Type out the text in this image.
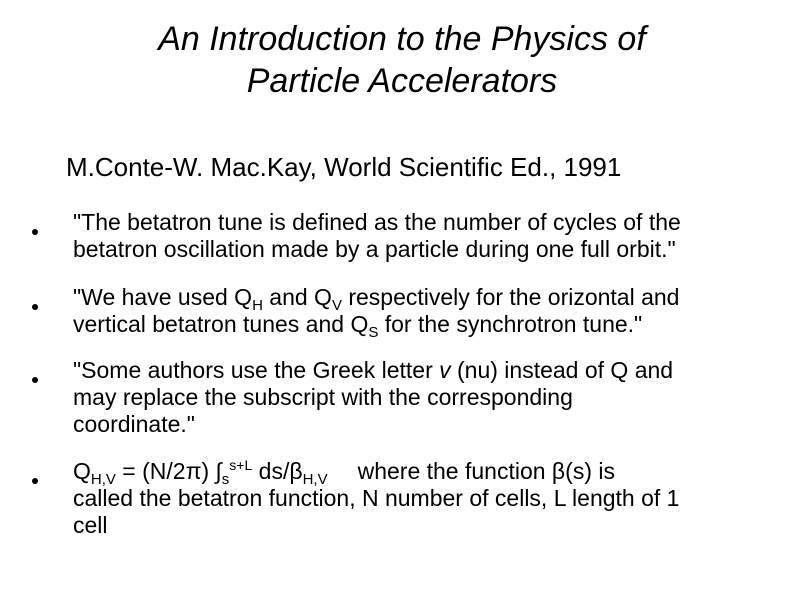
An Introduction to the Physics of
Particle Accelerators
M.Conte-W. Mac.Kay, World Scientific Ed., 1991
"The betatron tune is defined as the number of cycles of the
betatron oscillation made by a particle during one full orbit."
"We have used $Q_H$ and $Q_V$ respectively for the orizontal and
vertical betatron tunes and $Q_S$ for the synchrotron tune."
"Some authors use the Greek letter v (nu) instead of Q and
may replace the subscript with the corresponding
coordinate."
$Q_{H,V} = (N/2\pi)$ $\int_s^{s+L}$ $ds/\beta_{H,V}$ where the function β(s) is
called the betatron function, N number of cells, L length of 1
cell
